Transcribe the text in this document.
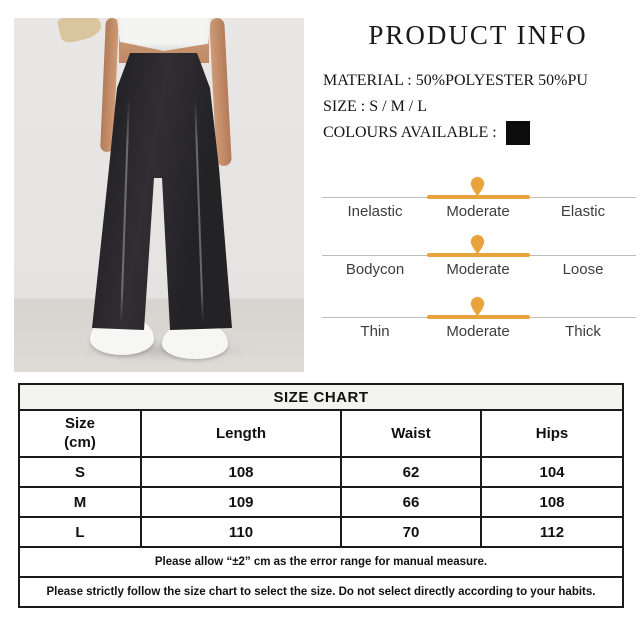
PRODUCT INFO
MATERIAL : 50%POLYESTER 50%PU
SIZE : S / M / L
COLOURS AVAILABLE :
Inelastic	Moderate	Elastic
Bodycon	Moderate	Loose
Thin	Moderate	Thick
SIZE CHART			

Size
(cm)	Length	Waist	Hips
S	108	62	104
M	109	66	108
L	110	70	112
Please allow “±2” cm as the error range for manual measure.			
Please strictly follow the size chart to select the size. Do not select directly according to your habits.			
